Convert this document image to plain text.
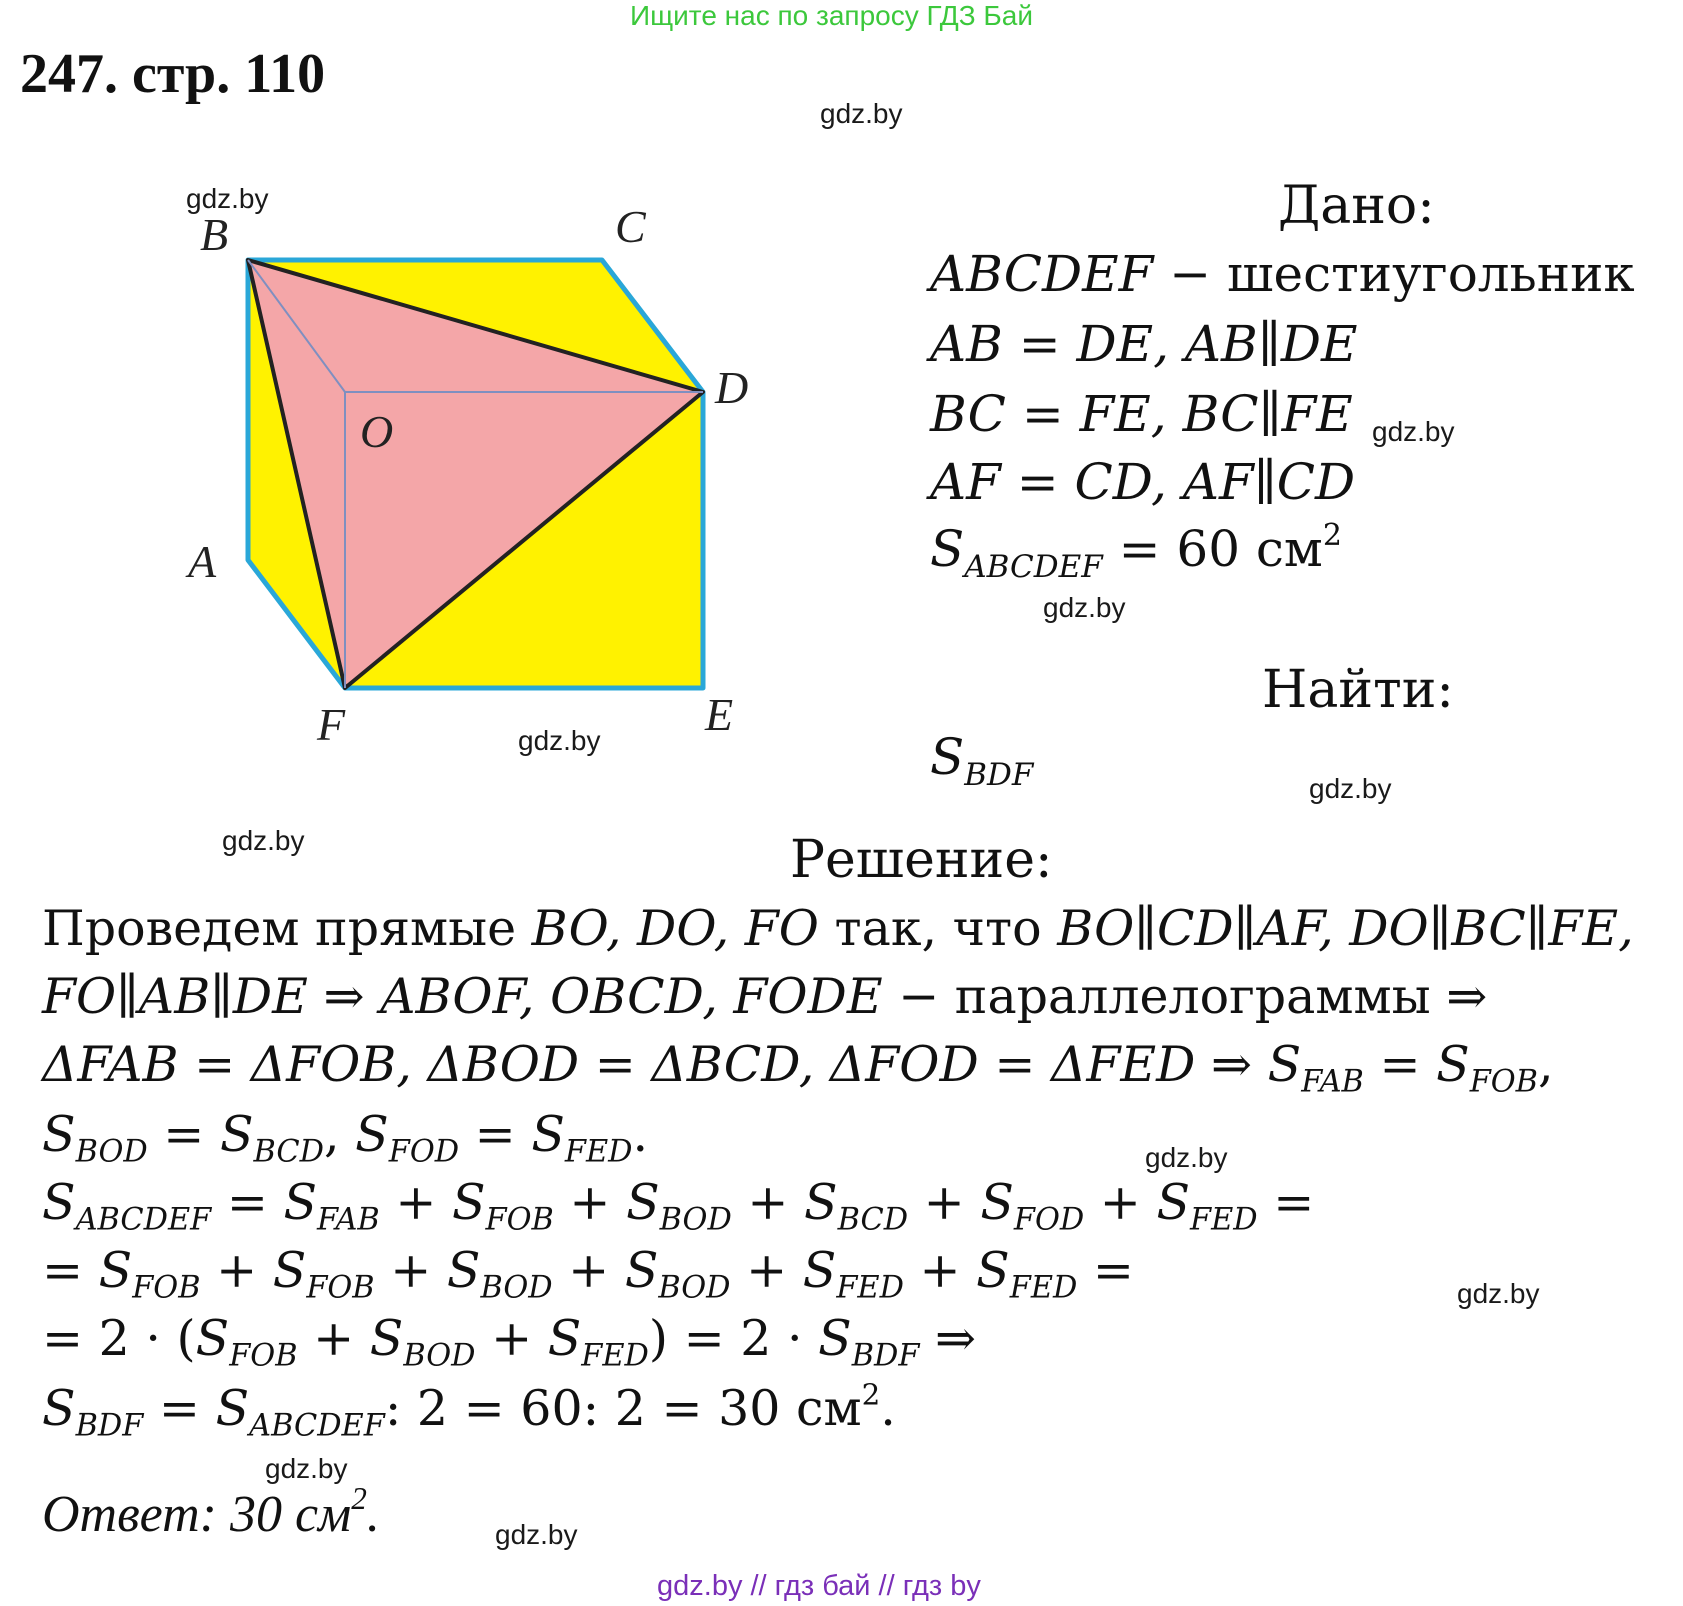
Ищите нас по запросу ГДЗ Бай
247. стр. 110
gdz.by
gdz.by
gdz.by
gdz.by
gdz.by
gdz.by
gdz.by
gdz.by
gdz.by
gdz.by
gdz.by
B	C
D
O
A
F	E
Дано:
ABCDEF − шестиугольник
AB = DE, AB∥DE
BC = FE, BC∥FE
AF = CD, AF∥CD
$S_{ABCDEF} = 60$ $см^2$
Найти:
$S_{BDF}$
Решение:
Проведем прямые BO, DO, FO так, что BO∥CD∥AF, DO∥BC∥FE,
FO∥AB∥DE ⇒ ABOF, OBCD, FODE − параллелограммы ⇒
ΔFAB = ΔFOB, ΔBOD = ΔBCD, ΔFOD = ΔFED ⇒ $S_{FAB} = S_{FOB}$,
$S_{BOD} = S_{BCD}$, $S_{FOD} = S_{FED}$.
$S_{ABCDEF} = S_{FAB} + S_{FOB} + S_{BOD} + S_{BCD} + S_{FOD} + S_{FED}$ =
= $S_{FOB} + S_{FOB} + S_{BOD} + S_{BOD} + S_{FED} + S_{FED}$ =
= $2 \cdot (S_{FOB} + S_{BOD} + S_{FED}) = 2 \cdot S_{BDF}$ ⇒
$S_{BDF} = S_{ABCDEF}$: 2 = 60: 2 = 30 $см^2$.
Ответ: 30 $см^2$.
gdz.by // гдз бай // гдз by
